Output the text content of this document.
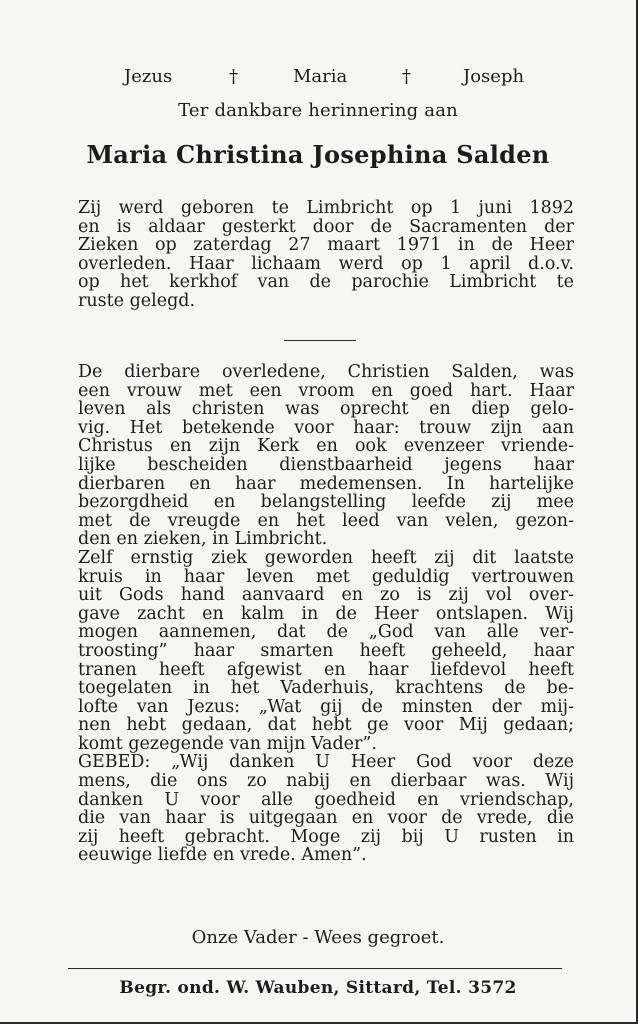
Jezus	†	Maria	†	Joseph
Ter dankbare herinnering aan
Maria Christina Josephina Salden
Zij werd geboren te Limbricht op 1 juni 1892
en is aldaar gesterkt door de Sacramenten der
Zieken op zaterdag 27 maart 1971 in de Heer
overleden. Haar lichaam werd op 1 april d.o.v.
op het kerkhof van de parochie Limbricht te
ruste gelegd.
De dierbare overledene, Christien Salden, was
een vrouw met een vroom en goed hart. Haar
leven als christen was oprecht en diep gelo-
vig. Het betekende voor haar: trouw zijn aan
Christus en zijn Kerk en ook evenzeer vriende-
lijke bescheiden dienstbaarheid jegens haar
dierbaren en haar medemensen. In hartelijke
bezorgdheid en belangstelling leefde zij mee
met de vreugde en het leed van velen, gezon-
den en zieken, in Limbricht.
Zelf ernstig ziek geworden heeft zij dit laatste
kruis in haar leven met geduldig vertrouwen
uit Gods hand aanvaard en zo is zij vol over-
gave zacht en kalm in de Heer ontslapen. Wij
mogen aannemen, dat de „God van alle ver-
troosting” haar smarten heeft geheeld, haar
tranen heeft afgewist en haar liefdevol heeft
toegelaten in het Vaderhuis, krachtens de be-
lofte van Jezus: „Wat gij de minsten der mij-
nen hebt gedaan, dat hebt ge voor Mij gedaan;
komt gezegende van mijn Vader”.
GEBED: „Wij danken U Heer God voor deze
mens, die ons zo nabij en dierbaar was. Wij
danken U voor alle goedheid en vriendschap,
die van haar is uitgegaan en voor de vrede, die
zij heeft gebracht. Moge zij bij U rusten in
eeuwige liefde en vrede. Amen”.
Onze Vader - Wees gegroet.
Begr. ond. W. Wauben, Sittard, Tel. 3572
